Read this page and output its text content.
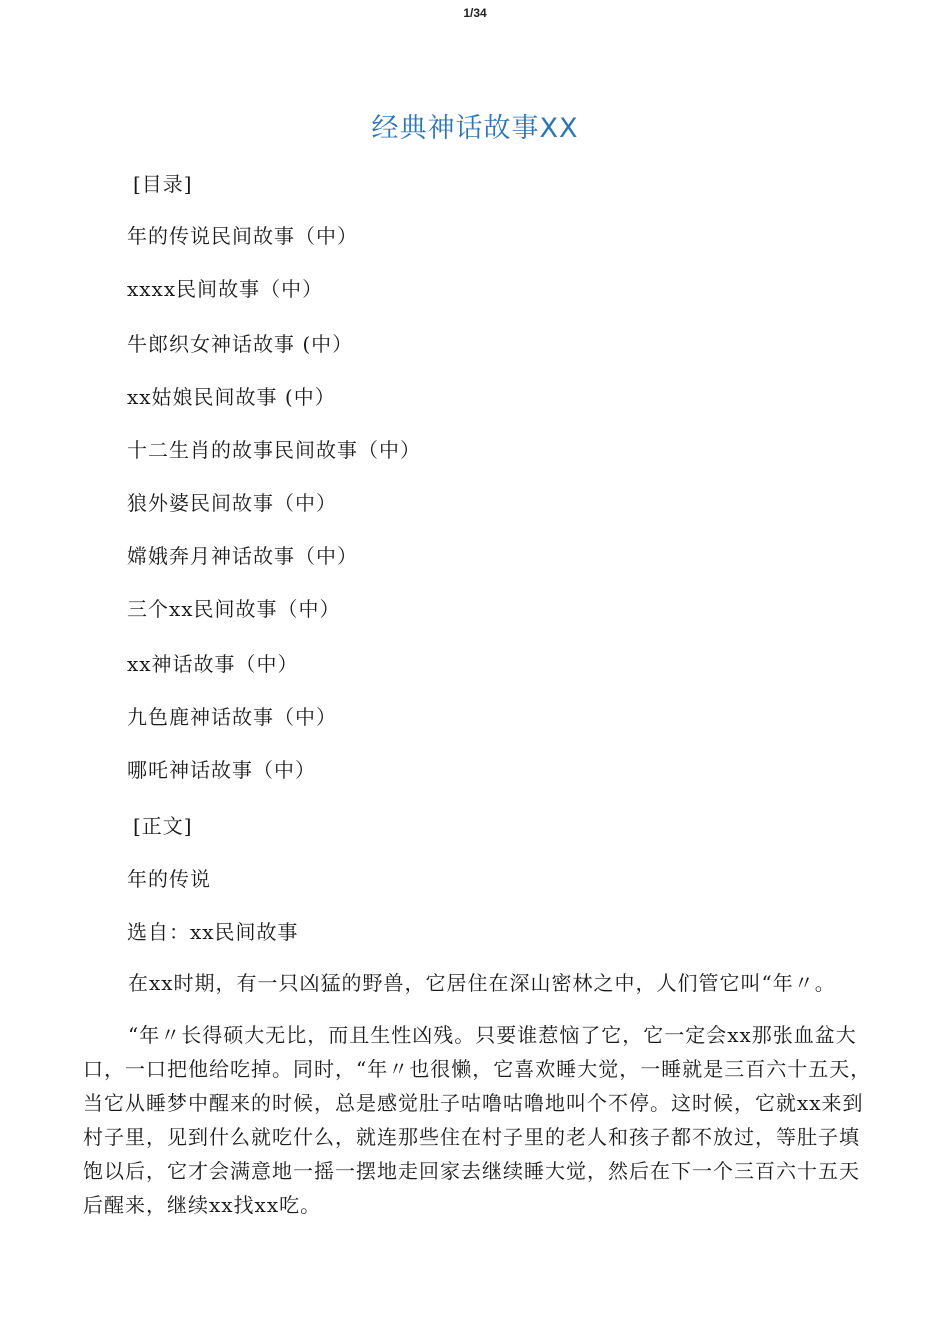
1/34
经典神话故事XX
[目录]
年的传说民间故事（中）
xxxx民间故事（中）
牛郎织女神话故事 (中）
xx姑娘民间故事 (中）
十二生肖的故事民间故事（中）
狼外婆民间故事（中）
嫦娥奔月神话故事（中）
三个xx民间故事（中）
xx神话故事（中）
九色鹿神话故事（中）
哪吒神话故事（中）
[正文]
年的传说
选自：xx民间故事

在xx时期，有一只凶猛的野兽，它居住在深山密林之中，人们管它叫“年〃。

“年〃长得硕大无比，而且生性凶残。只要谁惹恼了它，它一定会xx那张血盆大口，一口把他给吃掉。同时，“年〃也很懒，它喜欢睡大觉，一睡就是三百六十五天，当它从睡梦中醒来的时候，总是感觉肚子咕噜咕噜地叫个不停。这时候，它就xx来到村子里，见到什么就吃什么，就连那些住在村子里的老人和孩子都不放过，等肚子填饱以后，它才会满意地一摇一摆地走回家去继续睡大觉，然后在下一个三百六十五天后醒来，继续xx找xx吃。
